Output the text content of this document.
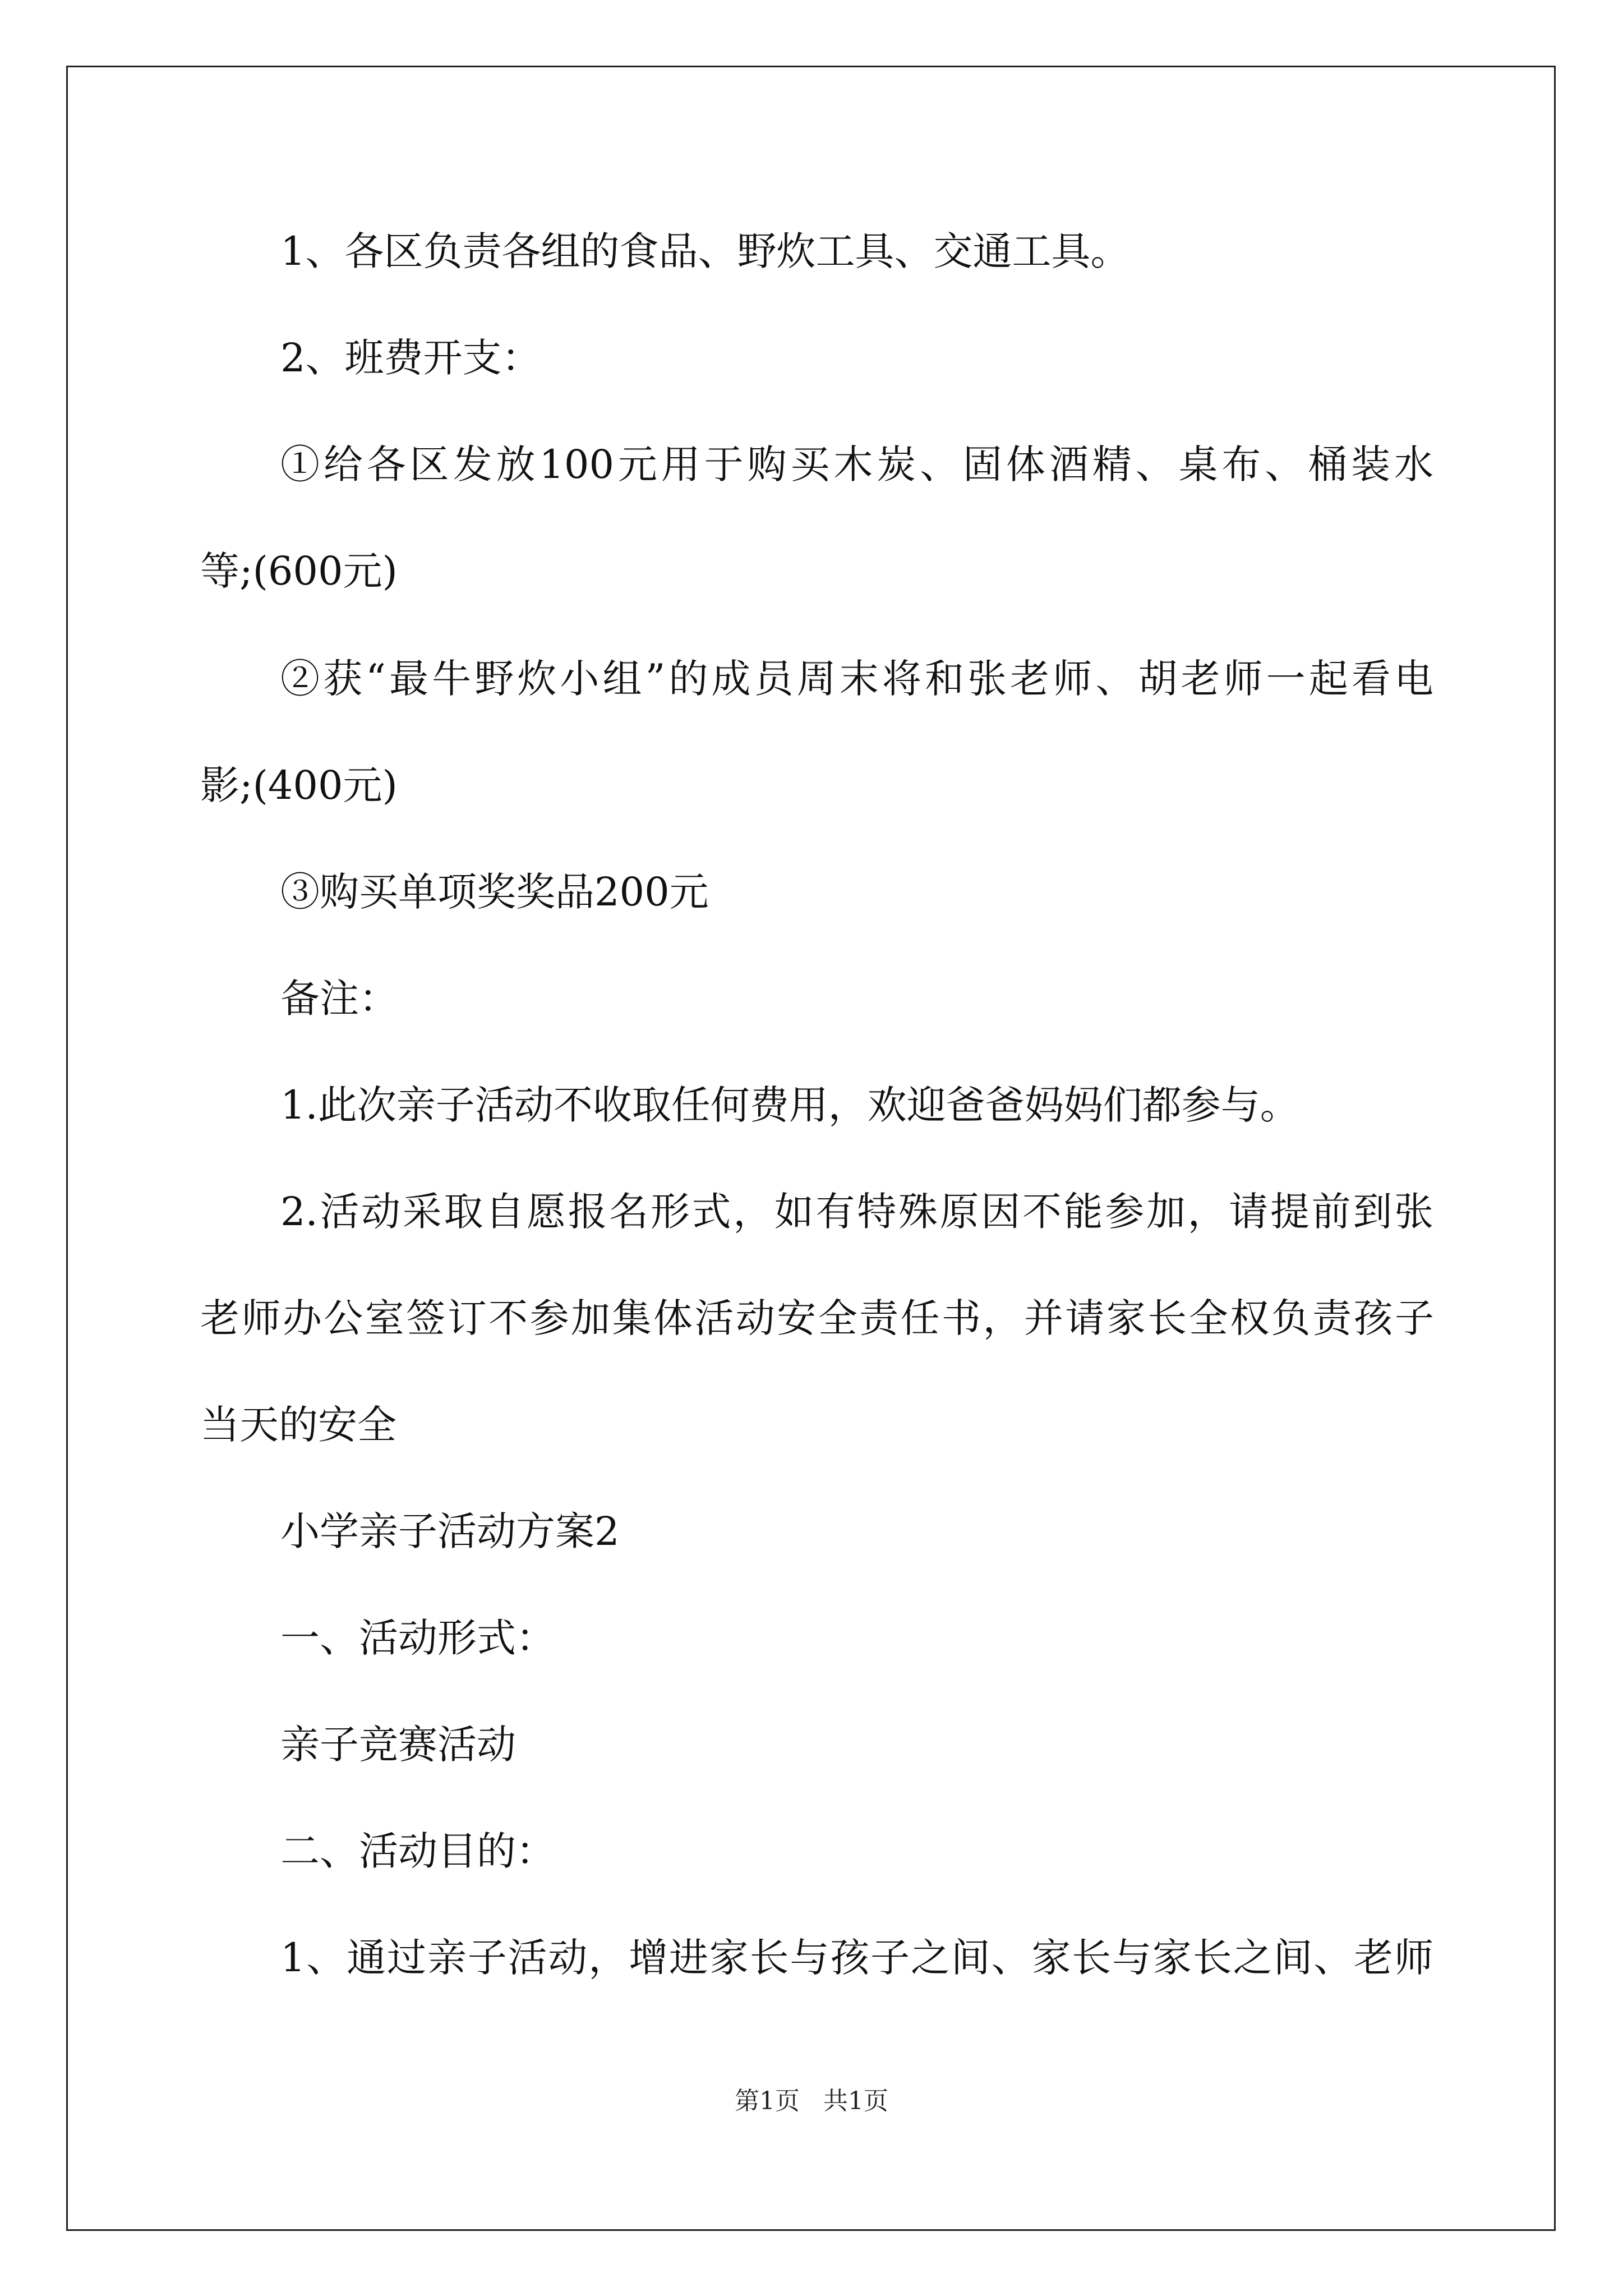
1、各区负责各组的食品、野炊工具、交通工具。
2、班费开支：
①给各区发放100元用于购买木炭、固体酒精、桌布、桶装水
等;(600元)
②获“最牛野炊小组”的成员周末将和张老师、胡老师一起看电
影;(400元)
③购买单项奖奖品200元
备注：
1.此次亲子活动不收取任何费用，欢迎爸爸妈妈们都参与。
2.活动采取自愿报名形式，如有特殊原因不能参加，请提前到张
老师办公室签订不参加集体活动安全责任书，并请家长全权负责孩子
当天的安全
小学亲子活动方案2
一、活动形式：
亲子竞赛活动
二、活动目的：
1、通过亲子活动，增进家长与孩子之间、家长与家长之间、老师
第1页   共1页
